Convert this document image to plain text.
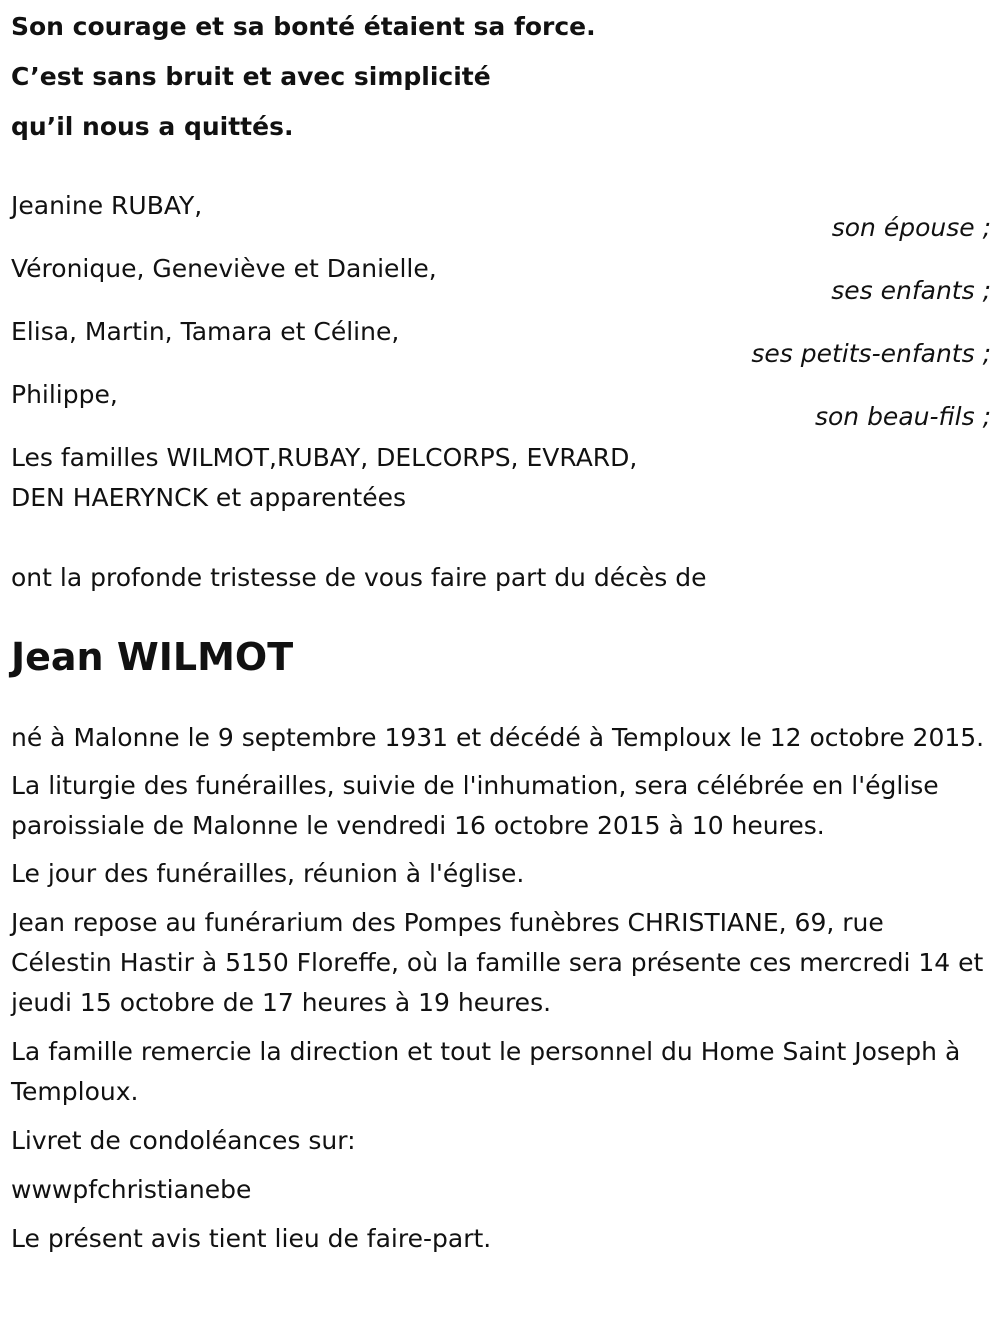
Son courage et sa bonté étaient sa force.
C’est sans bruit et avec simplicité
qu’il nous a quittés.
Jeanine RUBAY,
son épouse ;
Véronique, Geneviève et Danielle,
ses enfants ;
Elisa, Martin, Tamara et Céline,
ses petits-enfants ;
Philippe,
son beau-fils ;
Les familles WILMOT,RUBAY, DELCORPS, EVRARD,
DEN HAERYNCK et apparentées
ont la profonde tristesse de vous faire part du décès de
Jean WILMOT

né à Malonne le 9 septembre 1931 et décédé à Temploux le 12 octobre 2015.

La liturgie des funérailles, suivie de l'inhumation, sera célébrée en l'église paroissiale de Malonne le vendredi 16 octobre 2015 à 10 heures.

Le jour des funérailles, réunion à l'église.

Jean repose au funérarium des Pompes funèbres CHRISTIANE, 69, rue Célestin Hastir à 5150 Floreffe, où la famille sera présente ces mercredi 14 et jeudi 15 octobre de 17 heures à 19 heures.

La famille remercie la direction et tout le personnel du Home Saint Joseph à Temploux.

Livret de condoléances sur:

wwwpfchristianebe

Le présent avis tient lieu de faire-part.
